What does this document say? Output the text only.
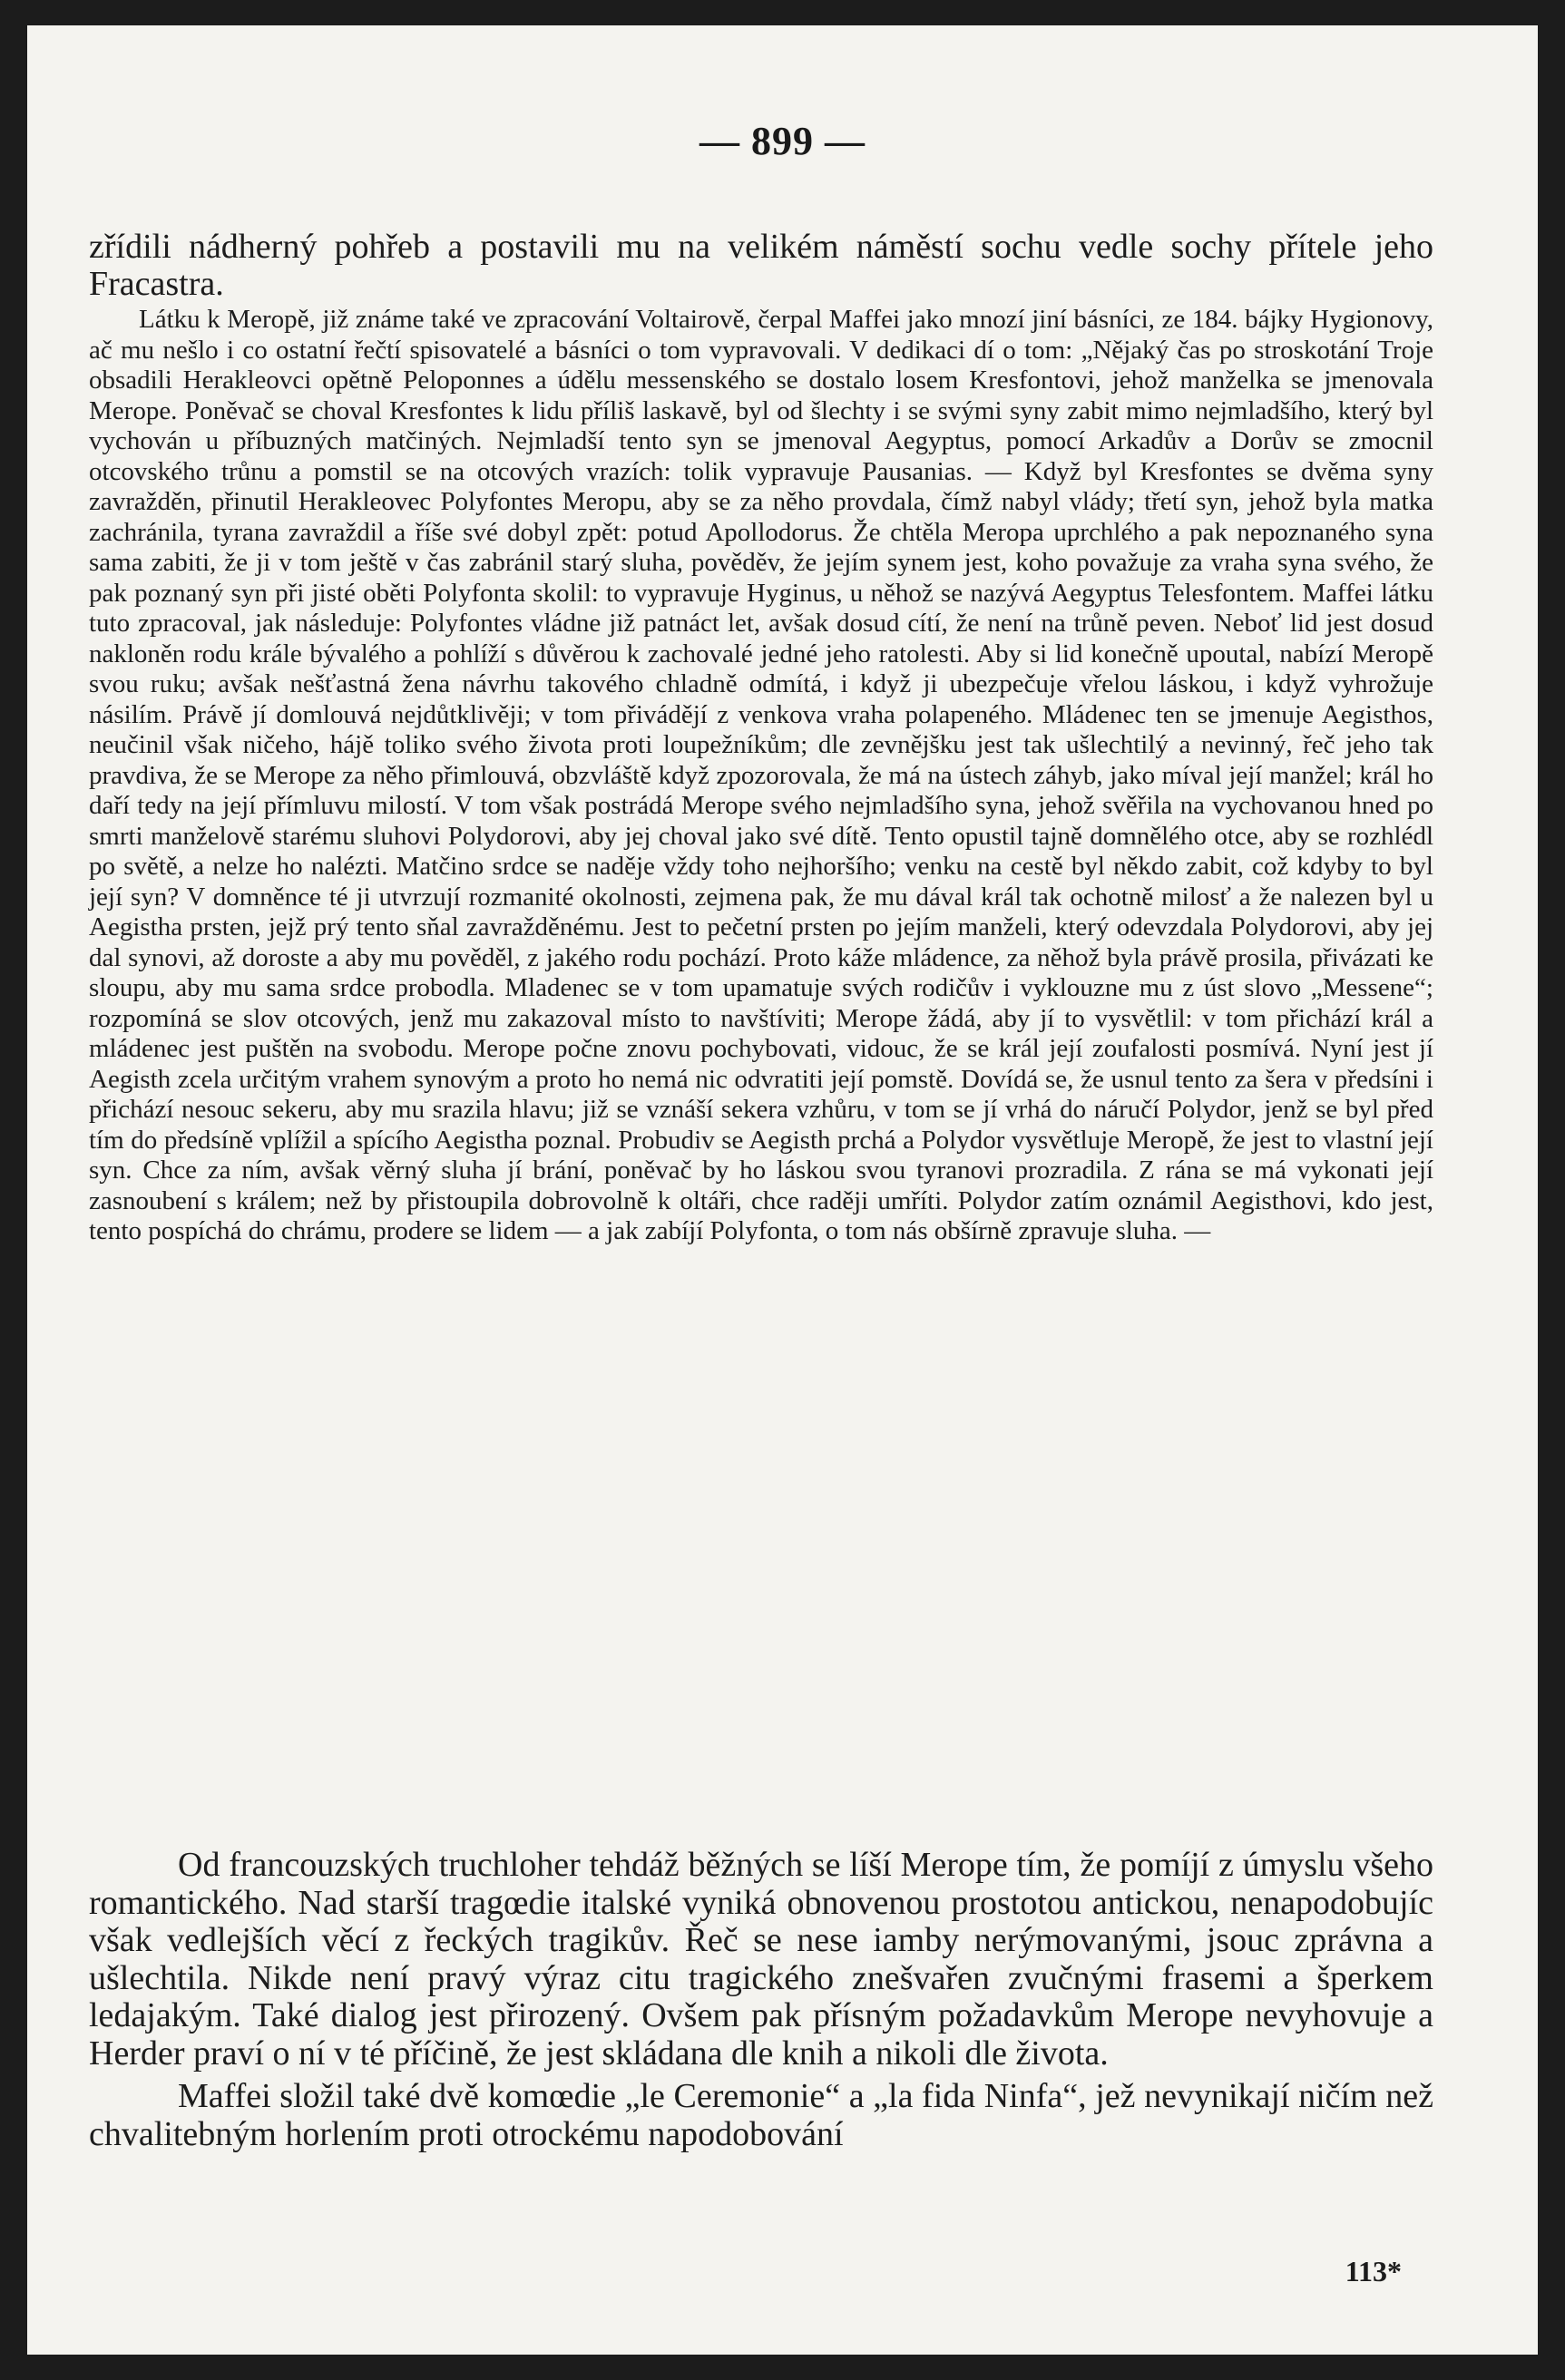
— 899 —

zřídili nádherný pohřeb a postavili mu na velikém náměstí sochu vedle sochy přítele jeho Fracastra.

Látku k Meropě, již známe také ve zpracování Voltairově, čerpal Maffei jako mnozí jiní básníci, ze 184. bájky Hygionovy, ač mu nešlo i co ostatní řečtí spisovatelé a básníci o tom vypravovali. V dedikaci dí o tom: „Nějaký čas po stroskotání Troje obsadili Herakleovci opětně Peloponnes a údělu messenského se dostalo losem Kresfontovi, jehož manželka se jmenovala Merope. Poněvač se choval Kresfontes k lidu příliš laskavě, byl od šlechty i se svými syny zabit mimo nejmladšího, který byl vychován u příbuzných matčiných. Nejmladší tento syn se jmenoval Aegyptus, pomocí Arkadův a Dorův se zmocnil otcovského trůnu a pomstil se na otcových vrazích: tolik vypravuje Pausanias. — Když byl Kresfontes se dvěma syny zavražděn, přinutil Herakleovec Polyfontes Meropu, aby se za něho provdala, čímž nabyl vlády; třetí syn, jehož byla matka zachránila, tyrana zavraždil a říše své dobyl zpět: potud Apollodorus. Že chtěla Meropa uprchlého a pak nepoznaného syna sama zabiti, že ji v tom ještě v čas zabránil starý sluha, pověděv, že jejím synem jest, koho považuje za vraha syna svého, že pak poznaný syn při jisté oběti Polyfonta skolil: to vypravuje Hyginus, u něhož se nazývá Aegyptus Telesfontem. Maffei látku tuto zpracoval, jak následuje: Polyfontes vládne již patnáct let, avšak dosud cítí, že není na trůně peven. Neboť lid jest dosud nakloněn rodu krále bývalého a pohlíží s důvěrou k zachovalé jedné jeho ratolesti. Aby si lid konečně upoutal, nabízí Meropě svou ruku; avšak nešťastná žena návrhu takového chladně odmítá, i když ji ubezpečuje vřelou láskou, i když vyhrožuje násilím. Právě jí domlouvá nejdůtklivěji; v tom přivádějí z venkova vraha polapeného. Mládenec ten se jmenuje Aegisthos, neučinil však ničeho, hájě toliko svého života proti loupežníkům; dle zevnějšku jest tak ušlechtilý a nevinný, řeč jeho tak pravdiva, že se Merope za něho přimlouvá, obzvláště když zpozorovala, že má na ústech záhyb, jako míval její manžel; král ho daří tedy na její přímluvu milostí. V tom však postrádá Merope svého nejmladšího syna, jehož svěřila na vychovanou hned po smrti manželově starému sluhovi Polydorovi, aby jej choval jako své dítě. Tento opustil tajně domnělého otce, aby se rozhlédl po světě, a nelze ho nalézti. Matčino srdce se naděje vždy toho nejhoršího; venku na cestě byl někdo zabit, což kdyby to byl její syn? V domněnce té ji utvrzují rozmanité okolnosti, zejmena pak, že mu dával král tak ochotně milosť a že nalezen byl u Aegistha prsten, jejž prý tento sňal zavražděnému. Jest to pečetní prsten po jejím manželi, který odevzdala Polydorovi, aby jej dal synovi, až doroste a aby mu pověděl, z jakého rodu pochází. Proto káže mládence, za něhož byla právě prosila, přivázati ke sloupu, aby mu sama srdce probodla. Mladenec se v tom upamatuje svých rodičův i vyklouzne mu z úst slovo „Messene“; rozpomíná se slov otcových, jenž mu zakazoval místo to navštíviti; Merope žádá, aby jí to vysvětlil: v tom přichází král a mládenec jest puštěn na svobodu. Merope počne znovu pochybovati, vidouc, že se král její zoufalosti posmívá. Nyní jest jí Aegisth zcela určitým vrahem synovým a proto ho nemá nic odvratiti její pomstě. Dovídá se, že usnul tento za šera v předsíni i přichází nesouc sekeru, aby mu srazila hlavu; již se vznáší sekera vzhůru, v tom se jí vrhá do náručí Polydor, jenž se byl před tím do předsíně vplížil a spícího Aegistha poznal. Probudiv se Aegisth prchá a Polydor vysvětluje Meropě, že jest to vlastní její syn. Chce za ním, avšak věrný sluha jí brání, poněvač by ho láskou svou tyranovi prozradila. Z rána se má vykonati její zasnoubení s králem; než by přistoupila dobrovolně k oltáři, chce raději umříti. Polydor zatím oznámil Aegisthovi, kdo jest, tento pospíchá do chrámu, prodere se lidem — a jak zabíjí Polyfonta, o tom nás obšírně zpravuje sluha. —

Od francouzských truchloher tehdáž běžných se líší Merope tím, že pomíjí z úmyslu všeho romantického. Nad starší tragœdie italské vyniká obnovenou prostotou antickou, nenapodobujíc však vedlejších věcí z řeckých tragikův. Řeč se nese iamby nerýmovanými, jsouc zprávna a ušlechtila. Nikde není pravý výraz citu tragického znešvařen zvučnými frasemi a šperkem ledajakým. Také dialog jest přirozený. Ovšem pak přísným požadavkům Merope nevyhovuje a Herder praví o ní v té příčině, že jest skládana dle knih a nikoli dle života.

Maffei složil také dvě komœdie „le Ceremonie“ a „la fida Ninfa“, jež nevynikají ničím než chvalitebným horlením proti otrockému napodobování

113*
